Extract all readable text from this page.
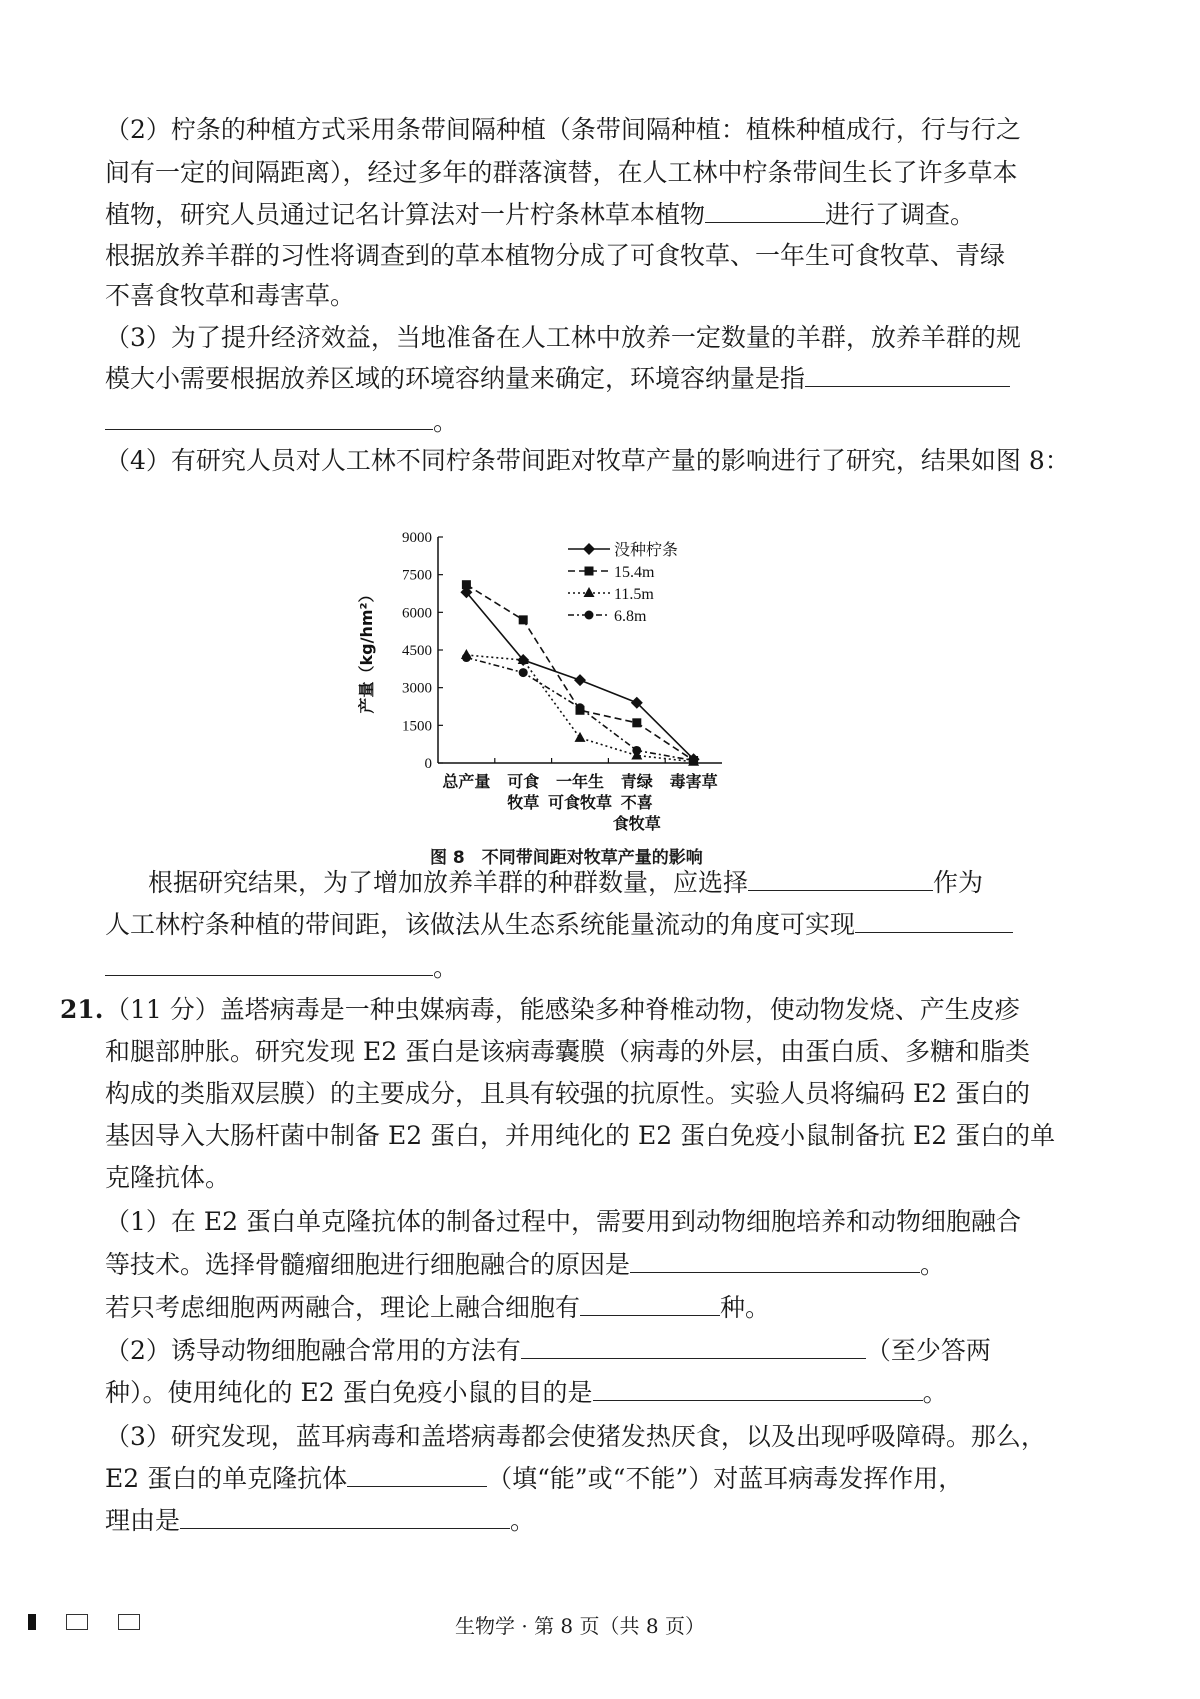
（2）柠条的种植方式采用条带间隔种植（条带间隔种植：植株种植成行，行与行之
间有一定的间隔距离），经过多年的群落演替，在人工林中柠条带间生长了许多草本
植物，研究人员通过记名计算法对一片柠条林草本植物	进行了调查。
根据放养羊群的习性将调查到的草本植物分成了可食牧草、一年生可食牧草、青绿
不喜食牧草和毒害草。
（3）为了提升经济效益，当地准备在人工林中放养一定数量的羊群，放养羊群的规
模大小需要根据放养区域的环境容纳量来确定，环境容纳量是指
。
（4）有研究人员对人工林不同柠条带间距对牧草产量的影响进行了研究，结果如图 8：
0
1500
3000
4500
6000
7500
9000
总产量 可食
牧草
一年生
可食牧草
青绿
不喜
食牧草
毒害草
产量（kg/hm²）
没种柠条
15.4m
11.5m
6.8m
图 8　不同带间距对牧草产量的影响
根据研究结果，为了增加放养羊群的种群数量，应选择	作为
人工林柠条种植的带间距，该做法从生态系统能量流动的角度可实现
。
21. （11 分）盖塔病毒是一种虫媒病毒，能感染多种脊椎动物，使动物发烧、产生皮疹
和腿部肿胀。研究发现 E2 蛋白是该病毒囊膜（病毒的外层，由蛋白质、多糖和脂类
构成的类脂双层膜）的主要成分，且具有较强的抗原性。实验人员将编码 E2 蛋白的
基因导入大肠杆菌中制备 E2 蛋白，并用纯化的 E2 蛋白免疫小鼠制备抗 E2 蛋白的单
克隆抗体。
（1）在 E2 蛋白单克隆抗体的制备过程中，需要用到动物细胞培养和动物细胞融合
等技术。选择骨髓瘤细胞进行细胞融合的原因是	。
若只考虑细胞两两融合，理论上融合细胞有	种。
（2）诱导动物细胞融合常用的方法有	（至少答两
种）。使用纯化的 E2 蛋白免疫小鼠的目的是	。
（3）研究发现，蓝耳病毒和盖塔病毒都会使猪发热厌食，以及出现呼吸障碍。那么，
E2 蛋白的单克隆抗体	（填“能”或“不能”）对蓝耳病毒发挥作用，
理由是	。
生物学 · 第 8 页（共 8 页）
